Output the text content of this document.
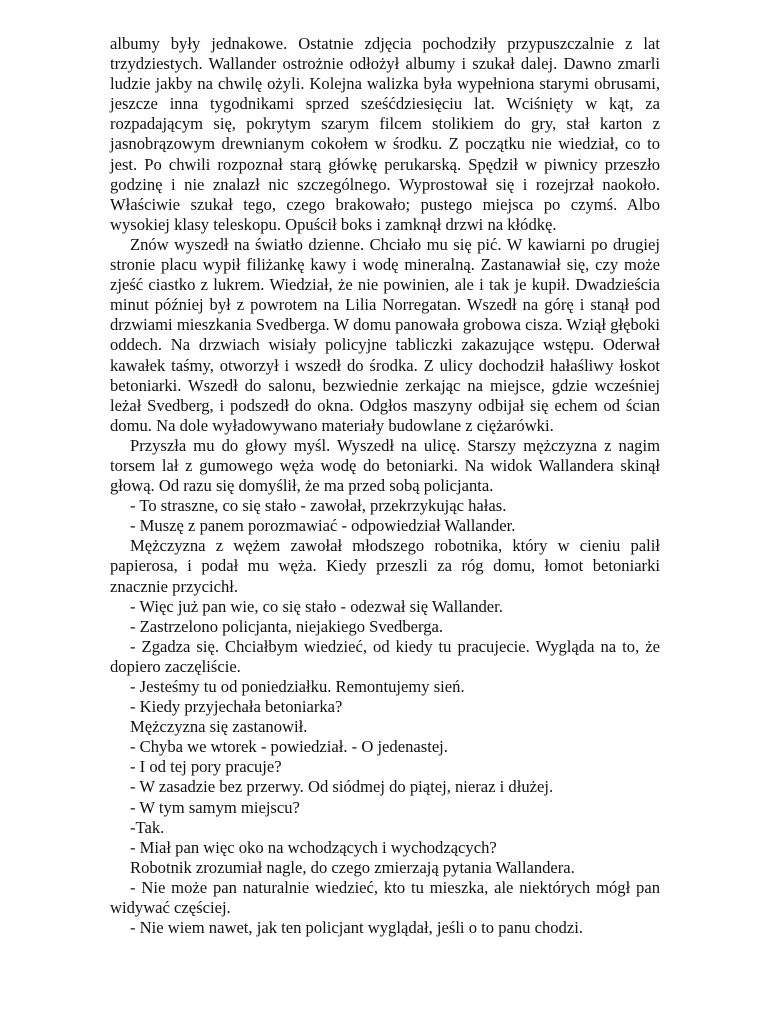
albumy były jednakowe. Ostatnie zdjęcia pochodziły przypuszczalnie z lat trzydziestych. Wallander ostrożnie odłożył albumy i szukał dalej. Dawno zmarli ludzie jakby na chwilę ożyli. Kolejna walizka była wypełniona starymi obrusami, jeszcze inna tygodnikami sprzed sześćdziesięciu lat. Wciśnięty w kąt, za rozpadającym się, pokrytym szarym filcem stolikiem do gry, stał karton z jasnobrązowym drewnianym cokołem w środku. Z początku nie wiedział, co to jest. Po chwili rozpoznał starą główkę perukarską. Spędził w piwnicy przeszło godzinę i nie znalazł nic szczególnego. Wyprostował się i rozejrzał naokoło. Właściwie szukał tego, czego brakowało; pustego miejsca po czymś. Albo wysokiej klasy teleskopu. Opuścił boks i zamknął drzwi na kłódkę.

Znów wyszedł na światło dzienne. Chciało mu się pić. W kawiarni po drugiej stronie placu wypił filiżankę kawy i wodę mineralną. Zastanawiał się, czy może zjeść ciastko z lukrem. Wiedział, że nie powinien, ale i tak je kupił. Dwadzieścia minut później był z powrotem na Lilia Norregatan. Wszedł na górę i stanął pod drzwiami mieszkania Svedberga. W domu panowała grobowa cisza. Wziął głęboki oddech. Na drzwiach wisiały policyjne tabliczki zakazujące wstępu. Oderwał kawałek taśmy, otworzył i wszedł do środka. Z ulicy dochodził hałaśliwy łoskot betoniarki. Wszedł do salonu, bezwiednie zerkając na miejsce, gdzie wcześniej leżał Svedberg, i podszedł do okna. Odgłos maszyny odbijał się echem od ścian domu. Na dole wyładowywano materiały budowlane z ciężarówki.

Przyszła mu do głowy myśl. Wyszedł na ulicę. Starszy mężczyzna z nagim torsem lał z gumowego węża wodę do betoniarki. Na widok Wallandera skinął głową. Od razu się domyślił, że ma przed sobą policjanta.

- To straszne, co się stało - zawołał, przekrzykując hałas.

- Muszę z panem porozmawiać - odpowiedział Wallander.

Mężczyzna z wężem zawołał młodszego robotnika, który w cieniu palił papierosa, i podał mu węża. Kiedy przeszli za róg domu, łomot betoniarki znacznie przycichł.

- Więc już pan wie, co się stało - odezwał się Wallander.

- Zastrzelono policjanta, niejakiego Svedberga.

- Zgadza się. Chciałbym wiedzieć, od kiedy tu pracujecie. Wygląda na to, że dopiero zaczęliście.

- Jesteśmy tu od poniedziałku. Remontujemy sień.

- Kiedy przyjechała betoniarka?

Mężczyzna się zastanowił.

- Chyba we wtorek - powiedział. - O jedenastej.

- I od tej pory pracuje?

- W zasadzie bez przerwy. Od siódmej do piątej, nieraz i dłużej.

- W tym samym miejscu?

-Tak.

- Miał pan więc oko na wchodzących i wychodzących?

Robotnik zrozumiał nagle, do czego zmierzają pytania Wallandera.

- Nie może pan naturalnie wiedzieć, kto tu mieszka, ale niektórych mógł pan widywać częściej.

- Nie wiem nawet, jak ten policjant wyglądał, jeśli o to panu chodzi.
